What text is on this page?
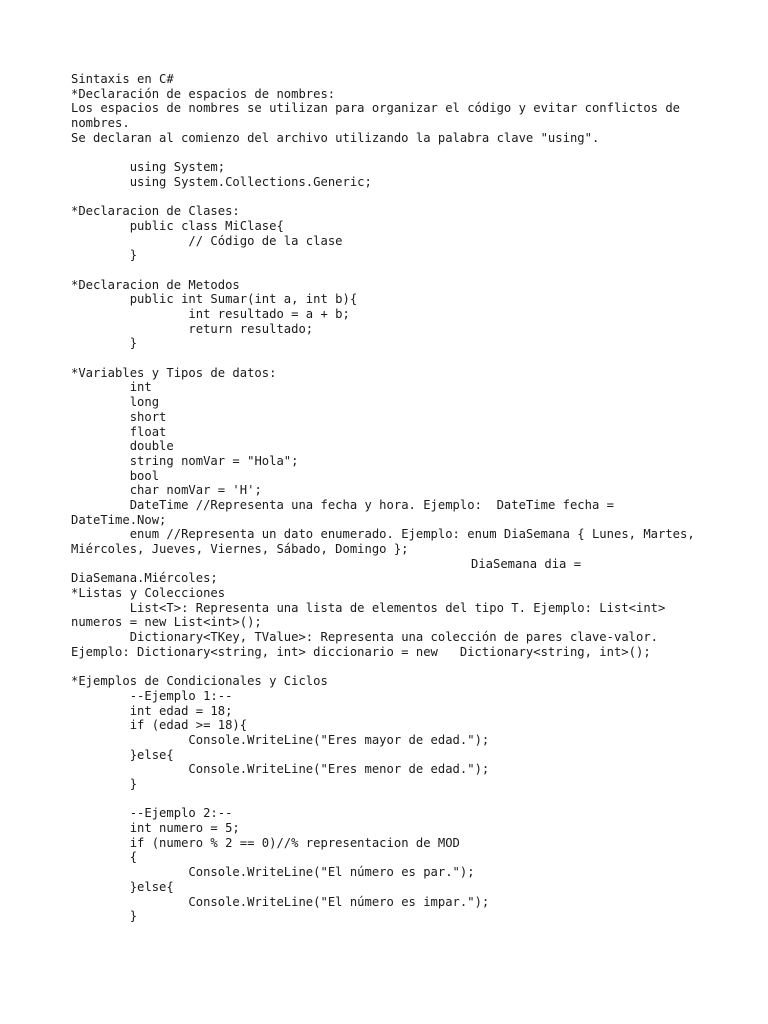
Sintaxis en C#
*Declaración de espacios de nombres:
Los espacios de nombres se utilizan para organizar el código y evitar conflictos de
nombres.
Se declaran al comienzo del archivo utilizando la palabra clave "using".
	using System;
	using System.Collections.Generic;
*Declaracion de Clases:
	public class MiClase{
		// Código de la clase
	}
*Declaracion de Metodos
	public int Sumar(int a, int b){
		int resultado = a + b;
		return resultado;
	}
*Variables y Tipos de datos:
	int
	long
	short
	float
	double
	string nomVar = "Hola";
	bool
	char nomVar = 'H';
	DateTime //Representa una fecha y hora. Ejemplo:  DateTime fecha =
DateTime.Now;
	enum //Representa un dato enumerado. Ejemplo: enum DiaSemana { Lunes, Martes,
Miércoles, Jueves, Viernes, Sábado, Domingo };
DiaSemana dia =
DiaSemana.Miércoles;
*Listas y Colecciones
	List<T>: Representa una lista de elementos del tipo T. Ejemplo: List<int>
numeros = new List<int>();
	Dictionary<TKey, TValue>: Representa una colección de pares clave-valor.
Ejemplo: Dictionary<string, int> diccionario = new   Dictionary<string, int>();
*Ejemplos de Condicionales y Ciclos
	--Ejemplo 1:--
	int edad = 18;
	if (edad >= 18){
		Console.WriteLine("Eres mayor de edad.");
	}else{
		Console.WriteLine("Eres menor de edad.");
	}
	--Ejemplo 2:--
	int numero = 5;
	if (numero % 2 == 0)//% representacion de MOD
	{
		Console.WriteLine("El número es par.");
	}else{
		Console.WriteLine("El número es impar.");
	}
